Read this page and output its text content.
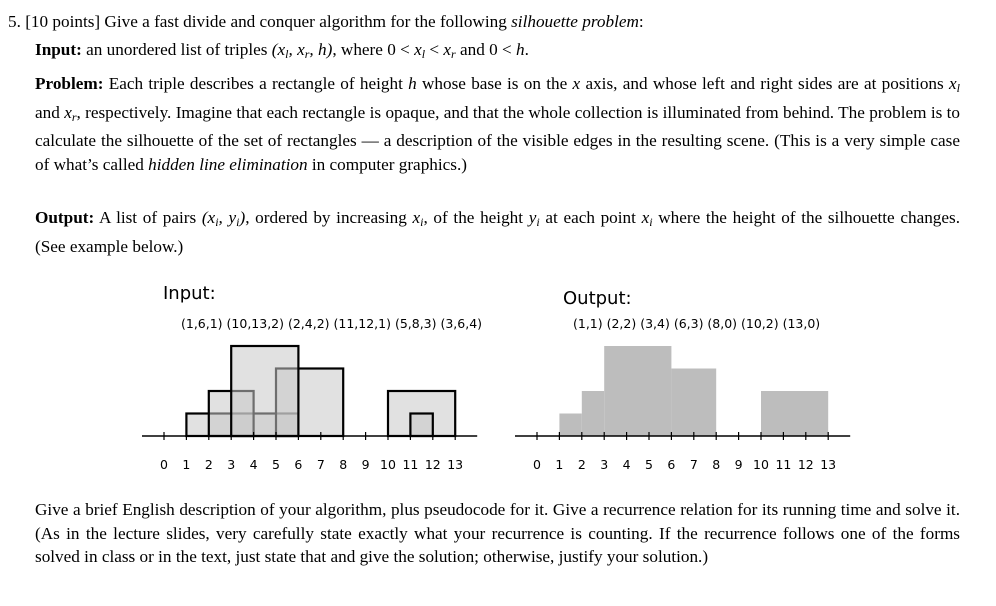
5. [10 points] Give a fast divide and conquer algorithm for the following silhouette problem:
Input: an unordered list of triples ($x_l$, $x_r$, h), where $0 < x_l < x_r$ and 0 < h.
Problem: Each triple describes a rectangle of height h whose base is on the x axis, and whose left and right sides are at positions $x_l$ and $x_r$, respectively. Imagine that each rectangle is opaque, and that the whole collection is illuminated from behind. The problem is to calculate the silhouette of the set of rectangles — a description of the visible edges in the resulting scene. (This is a very simple case of what’s called hidden line elimination in computer graphics.)
Output: A list of pairs ($x_i$, $y_i$), ordered by increasing $x_i$, of the height $y_i$ at each point $x_i$ where the height of the silhouette changes. (See example below.)
Input:
(1,6,1) (10,13,2) (2,4,2) (11,12,1) (5,8,3) (3,6,4)
Output:
(1,1) (2,2) (3,4) (6,3) (8,0) (10,2) (13,0)
0 1 2 3 4 5 6 7 8 9 10 11 12 13	0 1 2 3 4 5 6 7 8 9 10 11 12 13
Give a brief English description of your algorithm, plus pseudocode for it. Give a recurrence relation for its running time and solve it. (As in the lecture slides, very carefully state exactly what your recurrence is counting. If the recurrence follows one of the forms solved in class or in the text, just state that and give the solution; otherwise, justify your solution.)
